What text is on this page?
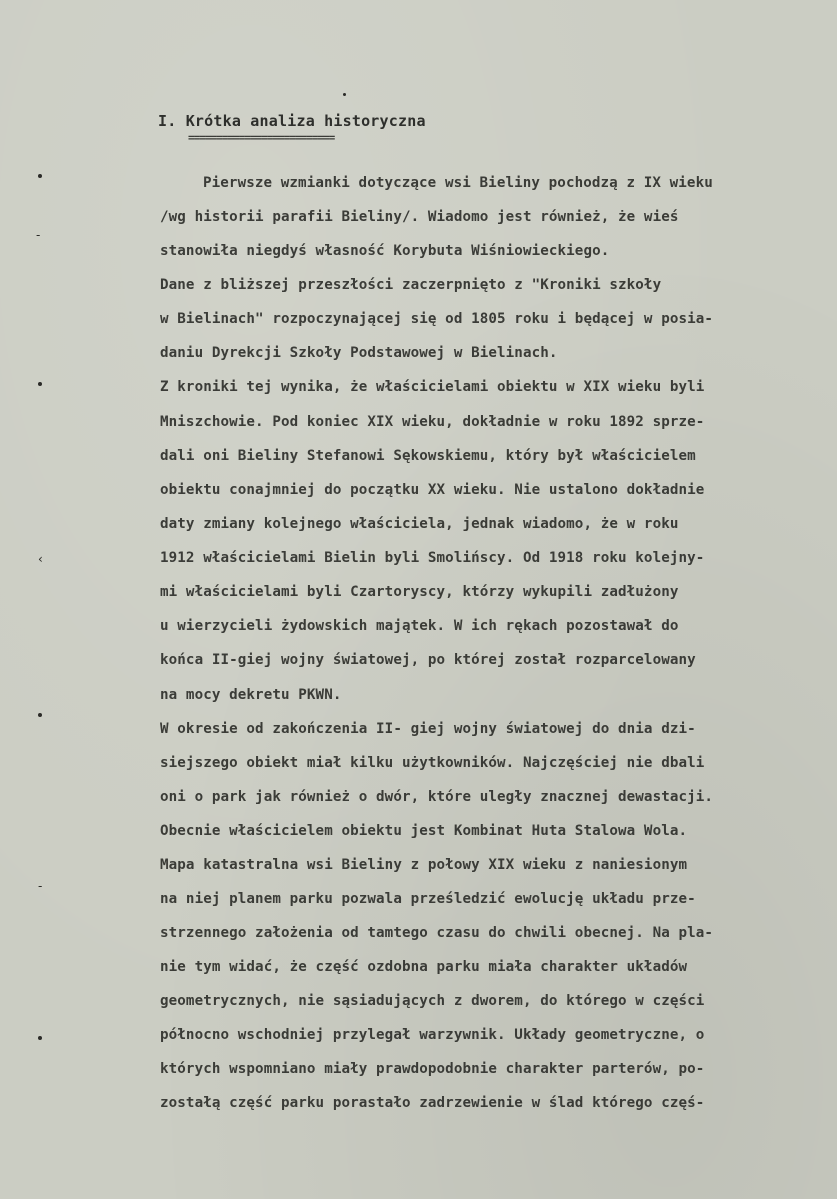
I. Krótka analiza historyczna
==========================
Pierwsze wzmianki dotyczące wsi Bieliny pochodzą z IX wieku
/wg historii parafii Bieliny/. Wiadomo jest również, że wieś
stanowiła niegdyś własność Korybuta Wiśniowieckiego.
Dane z bliższej przeszłości zaczerpnięto z "Kroniki szkoły
w Bielinach" rozpoczynającej się od 1805 roku i będącej w posia-
daniu Dyrekcji Szkoły Podstawowej w Bielinach.
Z kroniki tej wynika, że właścicielami obiektu w XIX wieku byli
Mniszchowie. Pod koniec XIX wieku, dokładnie w roku 1892 sprze-
dali oni Bieliny Stefanowi Sękowskiemu, który był właścicielem
obiektu conajmniej do początku XX wieku. Nie ustalono dokładnie
daty zmiany kolejnego właściciela, jednak wiadomo, że w roku
1912 właścicielami Bielin byli Smolińscy. Od 1918 roku kolejny-
mi właścicielami byli Czartoryscy, którzy wykupili zadłużony
u wierzycieli żydowskich majątek. W ich rękach pozostawał do
końca II-giej wojny światowej, po której został rozparcelowany
na mocy dekretu PKWN.
W okresie od zakończenia II- giej wojny światowej do dnia dzi-
siejszego obiekt miał kilku użytkowników. Najczęściej nie dbali
oni o park jak również o dwór, które uległy znacznej dewastacji.
Obecnie właścicielem obiektu jest Kombinat Huta Stalowa Wola.
Mapa katastralna wsi Bieliny z połowy XIX wieku z naniesionym
na niej planem parku pozwala prześledzić ewolucję układu prze-
strzennego założenia od tamtego czasu do chwili obecnej. Na pla-
nie tym widać, że część ozdobna parku miała charakter układów
geometrycznych, nie sąsiadujących z dworem, do którego w części
północno wschodniej przylegał warzywnik. Układy geometryczne, o
których wspomniano miały prawdopodobnie charakter parterów, po-
zostałą część parku porastało zadrzewienie w ślad którego częś-
-
‹
-
